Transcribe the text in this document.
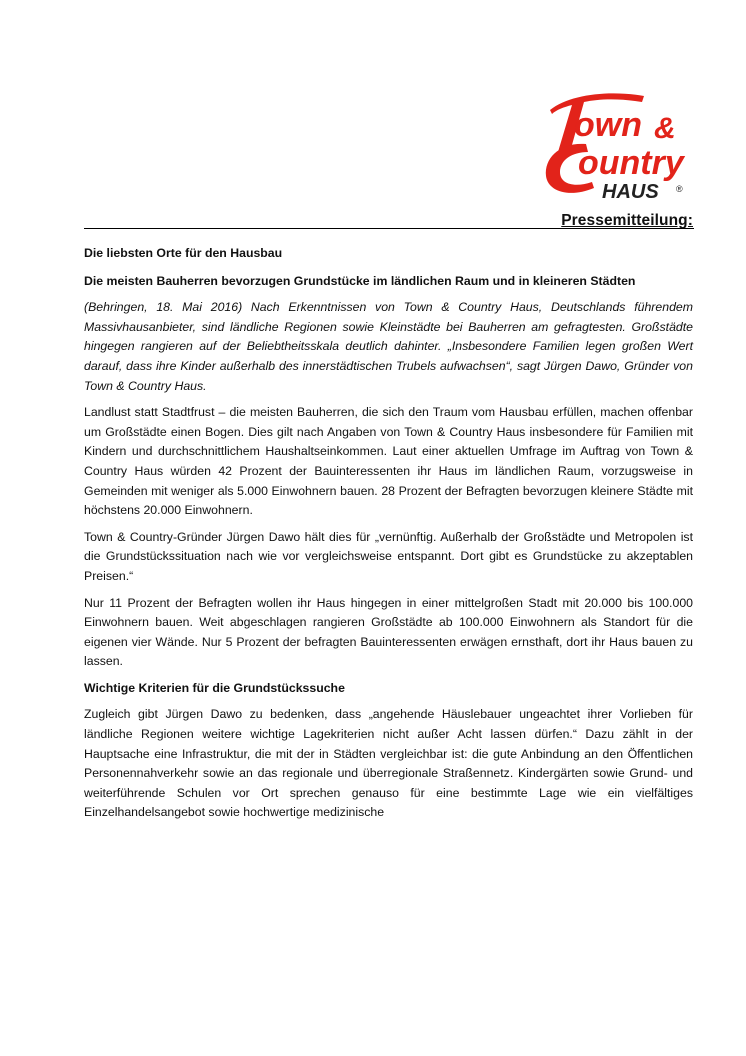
own &
ountry
HAUS ®
Pressemitteilung:

Die liebsten Orte für den Hausbau

Die meisten Bauherren bevorzugen Grundstücke im ländlichen Raum und in kleineren Städten

(Behringen, 18. Mai 2016) Nach Erkenntnissen von Town & Country Haus, Deutschlands führendem Massivhausanbieter, sind ländliche Regionen sowie Kleinstädte bei Bauherren am gefragtesten. Großstädte hingegen rangieren auf der Beliebtheitsskala deutlich dahinter. „Insbesondere Familien legen großen Wert darauf, dass ihre Kinder außerhalb des innerstädtischen Trubels aufwachsen“, sagt Jürgen Dawo, Gründer von Town & Country Haus.

Landlust statt Stadtfrust – die meisten Bauherren, die sich den Traum vom Hausbau erfüllen, machen offenbar um Großstädte einen Bogen. Dies gilt nach Angaben von Town & Country Haus insbesondere für Familien mit Kindern und durchschnittlichem Haushaltseinkommen. Laut einer aktuellen Umfrage im Auftrag von Town & Country Haus würden 42 Prozent der Bauinteressenten ihr Haus im ländlichen Raum, vorzugsweise in Gemeinden mit weniger als 5.000 Einwohnern bauen. 28 Prozent der Befragten bevorzugen kleinere Städte mit höchstens 20.000 Einwohnern.

Town & Country-Gründer Jürgen Dawo hält dies für „vernünftig. Außerhalb der Großstädte und Metropolen ist die Grundstückssituation nach wie vor vergleichsweise entspannt. Dort gibt es Grundstücke zu akzeptablen Preisen.“

Nur 11 Prozent der Befragten wollen ihr Haus hingegen in einer mittelgroßen Stadt mit 20.000 bis 100.000 Einwohnern bauen. Weit abgeschlagen rangieren Großstädte ab 100.000 Einwohnern als Standort für die eigenen vier Wände. Nur 5 Prozent der befragten Bauinteressenten erwägen ernsthaft, dort ihr Haus bauen zu lassen.

Wichtige Kriterien für die Grundstückssuche

Zugleich gibt Jürgen Dawo zu bedenken, dass „angehende Häuslebauer ungeachtet ihrer Vorlieben für ländliche Regionen weitere wichtige Lagekriterien nicht außer Acht lassen dürfen.“ Dazu zählt in der Hauptsache eine Infrastruktur, die mit der in Städten vergleichbar ist: die gute Anbindung an den Öffentlichen Personennahverkehr sowie an das regionale und überregionale Straßennetz. Kindergärten sowie Grund- und weiterführende Schulen vor Ort sprechen genauso für eine bestimmte Lage wie ein vielfältiges Einzelhandelsangebot sowie hochwertige medizinische
